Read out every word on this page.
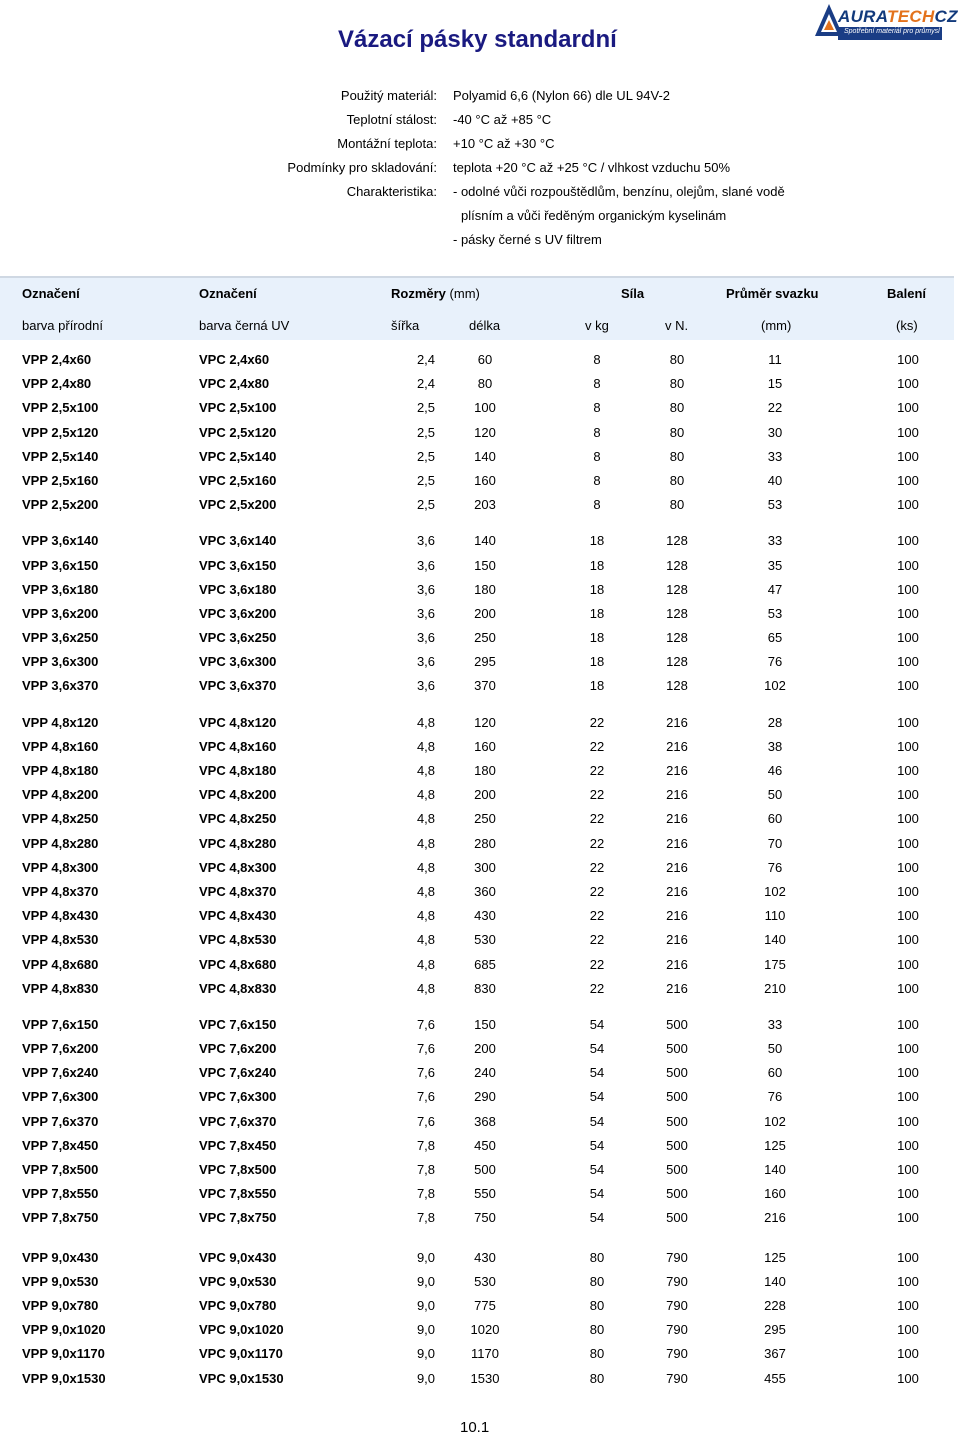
Vázací pásky standardní
AURATECHCZ
Spotřební materiál pro průmysl
Použitý materiál: Polyamid 6,6 (Nylon 66) dle UL 94V-2
Teplotní stálost: -40 °C až +85 °C
Montážní teplota: +10 °C až +30 °C
Podmínky pro skladování: teplota +20 °C až +25 °C / vlhkost vzduchu 50%
Charakteristika: - odolné vůči rozpouštědlům, benzínu, olejům, slané vodě
plísním a vůči ředěným organickým kyselinám
- pásky černé s UV filtrem
Označení	Označení	Rozměry (mm)	Síla	Průměr svazku	Balení
barva přírodní	barva černá UV	šířka	délka	v kg	v N.	(mm)	(ks)
VPP 2,4x60	VPC 2,4x60	2,4	60	8	80	11	100
VPP 2,4x80	VPC 2,4x80	2,4	80	8	80	15	100
VPP 2,5x100	VPC 2,5x100	2,5	100	8	80	22	100
VPP 2,5x120	VPC 2,5x120	2,5	120	8	80	30	100
VPP 2,5x140	VPC 2,5x140	2,5	140	8	80	33	100
VPP 2,5x160	VPC 2,5x160	2,5	160	8	80	40	100
VPP 2,5x200	VPC 2,5x200	2,5	203	8	80	53	100
VPP 3,6x140	VPC 3,6x140	3,6	140	18	128	33	100
VPP 3,6x150	VPC 3,6x150	3,6	150	18	128	35	100
VPP 3,6x180	VPC 3,6x180	3,6	180	18	128	47	100
VPP 3,6x200	VPC 3,6x200	3,6	200	18	128	53	100
VPP 3,6x250	VPC 3,6x250	3,6	250	18	128	65	100
VPP 3,6x300	VPC 3,6x300	3,6	295	18	128	76	100
VPP 3,6x370	VPC 3,6x370	3,6	370	18	128	102	100
VPP 4,8x120	VPC 4,8x120	4,8	120	22	216	28	100
VPP 4,8x160	VPC 4,8x160	4,8	160	22	216	38	100
VPP 4,8x180	VPC 4,8x180	4,8	180	22	216	46	100
VPP 4,8x200	VPC 4,8x200	4,8	200	22	216	50	100
VPP 4,8x250	VPC 4,8x250	4,8	250	22	216	60	100
VPP 4,8x280	VPC 4,8x280	4,8	280	22	216	70	100
VPP 4,8x300	VPC 4,8x300	4,8	300	22	216	76	100
VPP 4,8x370	VPC 4,8x370	4,8	360	22	216	102	100
VPP 4,8x430	VPC 4,8x430	4,8	430	22	216	110	100
VPP 4,8x530	VPC 4,8x530	4,8	530	22	216	140	100
VPP 4,8x680	VPC 4,8x680	4,8	685	22	216	175	100
VPP 4,8x830	VPC 4,8x830	4,8	830	22	216	210	100
VPP 7,6x150	VPC 7,6x150	7,6	150	54	500	33	100
VPP 7,6x200	VPC 7,6x200	7,6	200	54	500	50	100
VPP 7,6x240	VPC 7,6x240	7,6	240	54	500	60	100
VPP 7,6x300	VPC 7,6x300	7,6	290	54	500	76	100
VPP 7,6x370	VPC 7,6x370	7,6	368	54	500	102	100
VPP 7,8x450	VPC 7,8x450	7,8	450	54	500	125	100
VPP 7,8x500	VPC 7,8x500	7,8	500	54	500	140	100
VPP 7,8x550	VPC 7,8x550	7,8	550	54	500	160	100
VPP 7,8x750	VPC 7,8x750	7,8	750	54	500	216	100
VPP 9,0x430	VPC 9,0x430	9,0	430	80	790	125	100
VPP 9,0x530	VPC 9,0x530	9,0	530	80	790	140	100
VPP 9,0x780	VPC 9,0x780	9,0	775	80	790	228	100
VPP 9,0x1020	VPC 9,0x1020	9,0	1020	80	790	295	100
VPP 9,0x1170	VPC 9,0x1170	9,0	1170	80	790	367	100
VPP 9,0x1530	VPC 9,0x1530	9,0	1530	80	790	455	100
10.1
